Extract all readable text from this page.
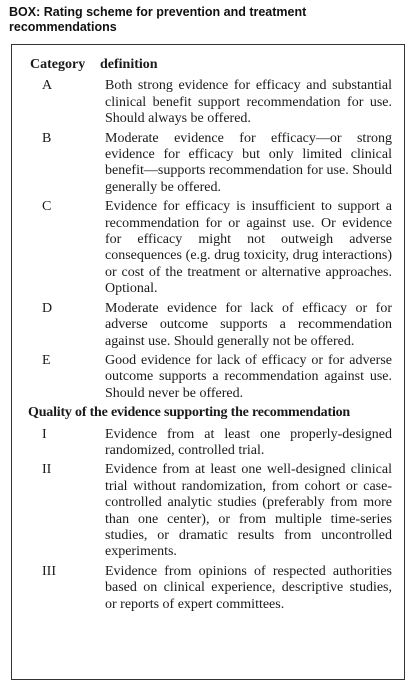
BOX: Rating scheme for prevention and treatment recommendations
Category	definition
A	Both strong evidence for efficacy and substantial clinical benefit support recommendation for use. Should always be offered.
B	Moderate evidence for efficacy—or strong evidence for efficacy but only limited clinical benefit—supports recommendation for use. Should generally be offered.
C	Evidence for efficacy is insufficient to support a recommendation for or against use. Or evidence for efficacy might not outweigh adverse consequences (e.g. drug toxicity, drug interactions) or cost of the treatment or alternative approaches. Optional.
D	Moderate evidence for lack of efficacy or for adverse outcome supports a recommendation against use. Should generally not be offered.
E	Good evidence for lack of efficacy or for adverse outcome supports a recommendation against use. Should never be offered.
Quality of the evidence supporting the recommendation
I	Evidence from at least one properly-designed randomized, controlled trial.
II	Evidence from at least one well-designed clinical trial without randomization, from cohort or case-controlled analytic studies (preferably from more than one center), or from multiple time-series studies, or dramatic results from uncontrolled experiments.
III	Evidence from opinions of respected authorities based on clinical experience, descriptive studies, or reports of expert committees.
